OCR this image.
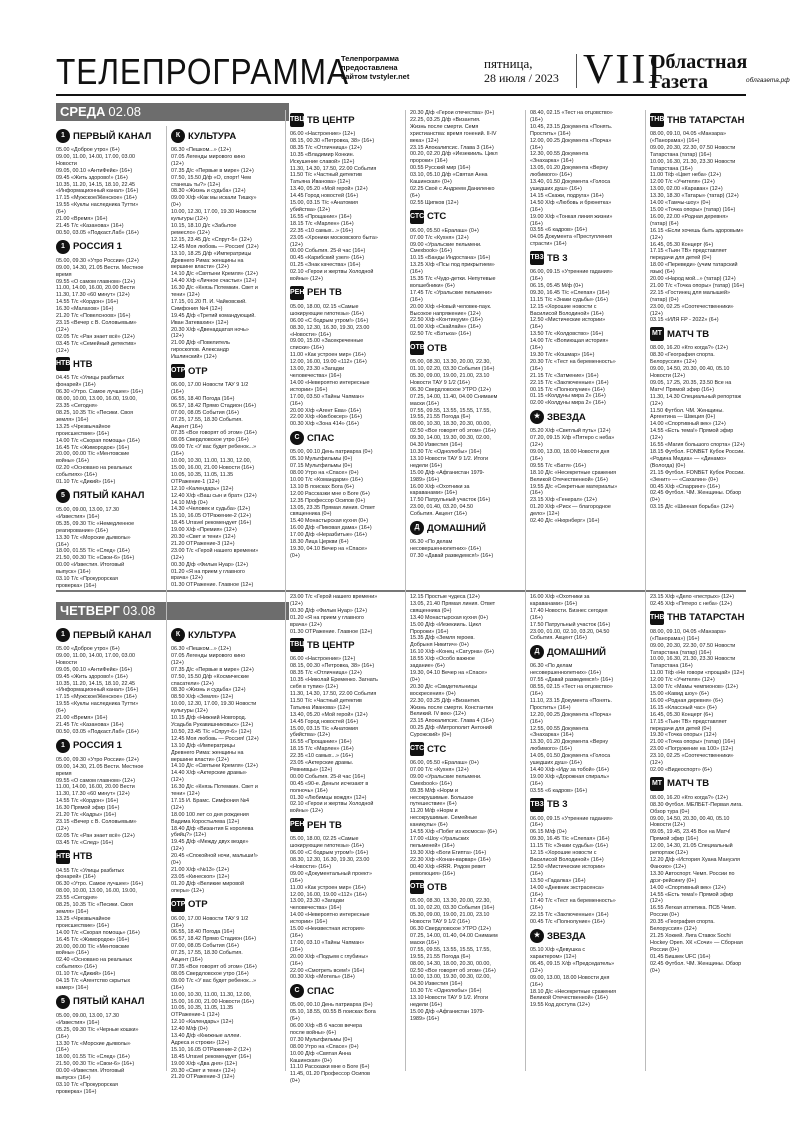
ТЕЛЕПРОГРАММА
Телепрограмма предоставлена сайтом tvstyler.net
пятница,
28 июля / 2023 VIII
Областная
Газета	облгазета.рф
СРЕДА 02.08
1 ПЕРВЫЙ КАНАЛ
05.00 «Доброе утро» (6+)
09.00, 11.00, 14.00, 17.00, 03.00 Новости
09.05, 00.10 «АнтиФейк» (16+)
09.45 «Жить здорово!» (16+)
10.35, 11.20, 14.15, 18.10, 22.45 «Информационный канал» (16+)
17.15 «Мужское/Женское» (16+)
19.55 «Куклы наследника Тутти» (6+)
21.00 «Время» (16+)
21.45 Т/с «Казанова» (16+)
00.50, 03.05 «Подкаст.Лаб» (16+)
1 РОССИЯ 1
05.00, 09.30 «Утро России» (12+)
09.00, 14.30, 21.05 Вести. Местное время
09.55 «О самом главном» (12+)
11.00, 14.00, 16.00, 20.00 Вести
11.30, 17.30 «60 минут» (12+)
14.55 Т/с «Кордон» (16+)
16.30 «Малахов» (16+)
21.20 Т/с «Повелсноов» (16+)
23.15 «Вечер с В. Соловьевым» (12+)
02.05 Т/с «Ран знает всё» (12+)
03.45 Т/с «Семейный детектив» (12+)
НТВ НТВ
04.45 Т/с «Улицы разбитых фонарей» (16+)
06.30 «Утро. Самое лучшее» (16+)
08.00, 10.00, 13.00, 16.00, 19.00, 23.35 «Сегодня»
08.25, 10.35 Т/с «Песики. Своя земля» (16+)
13.25 «Чрезвычайное происшествие» (16+)
14.00 Т/с «Скорая помощь» (16+)
16.45 Т/с «Жимородок» (16+)
20.00, 00.00 Т/с «Ментовские войны» (16+)
02.20 «Основано на реальных событиях» (16+)
01.10 Т/с «Дикий» (16+)
5 ПЯТЫЙ КАНАЛ
05.00, 09.00, 13.00, 17.30 «Известия» (16+)
05.35, 09.30 Т/с «Немедленное реагирование» (16+)
13.30 Т/с «Морские дьяволы» (16+)
18.00, 01.55 Т/с «След» (16+)
21.50, 00.30 Т/с «Свои-6» (16+)
00.00 «Известия. Итоговый выпуск» (16+)
03.10 Т/с «Прокурорская проверка» (16+)
К КУЛЬТУРА
06.30 «Пешком...» (12+)
07.05 Легенды мирового кино (12+)
07.35 Д/с «Первые в мире» (12+)
07.50, 15.50 Д/ф «О, спорт! Чем станешь ты?» (12+)
08.30 «Жизнь и судьба» (12+)
09.00 Х/ф «Как мы искали Тишку» (0+)
10.00, 12.30, 17.00, 19.30 Новости культуры (12+)
10.15, 18.10 Д/с «Забытое ремесло» (12+)
12.15, 23.45 Д/с «Спрут-5» (12+)
12.45 Моя любовь — Россия! (12+)
13.10, 18.25 Д/ф «Императрицы Древнего Рима: женщины на вершине власти» (12+)
14.10 Д/с «Святыни Кремля» (12+)
14.40 Х/ф «Личное счастье» (12+)
16.30 Д/с «Князь Потемкин. Свет и тени» (12+)
17.15, 01.20 П. И. Чайковский. Симфония №4 (12+)
19.45 Д/ф «Третий командующий. Иван Затевахин» (12+)
20.30 Х/ф «Двенадцатая ночь» (12+)
21.00 Д/ф «Повелитель гироскопов. Александр Ишлинский» (12+)
ОТР ОТР
06.00, 17.00 Новости ТАУ 9 1/2 (16+)
06.55, 18.40 Погода (16+)
06.57, 18.42 Прямо Стадион (16+)
07.00, 08.05 События (16+)
07.25, 17.55, 18.30 События. Акцент (16+)
07.35 «Все говорят об этом» (16+)
08.05 Свердловское утро (16+)
09.00 Т/с «У вас будет ребенок...» (16+)
10.00, 10.30, 11.00, 11.30, 12.00, 15.00, 16.00, 21.00 Новости (16+)
10.05, 10.35, 11.05, 11.35 ОТРажение-1 (12+)
12.10 «Календарь» (12+)
12.40 Х/ф «Ваш сын и брат» (12+)
14.10 М/ф (0+)
14.30 «Человек и судьба» (12+)
15.10, 16.05 ОТРажение-2 (12+)
18.45 Urravel рекомендует (16+)
19.00 Х/ф «Премия» (12+)
20.30 «Свет и тени» (12+)
21.20 ОТРажение-3 (12+)
23.00 Т/с «Герой нашего времени» (12+)
00.30 Д/ф «Фильм Нуар» (12+)
01.20 «Я на прием у главного врача» (12+)
01.30 ОТРажение. Главное (12+)
ТВЦ ТВ ЦЕНТР
06.00 «Настроение» (12+)
08.15, 00.30 «Петровка, 38» (16+)
08.35 Т/с «Отличница» (12+)
10.35 «Владимир Конкин. Искушение славой» (12+)
11.30, 14.30, 17.50, 22.00 События
11.50 Т/с «Частный детектив Татьяна Иванова» (12+)
13.40, 05.20 «Мой герой» (12+)
14.45 Город новостей (16+)
15.00, 03.15 Т/с «Анатомия убийства» (12+)
16.55 «Прощание» (16+)
18.15 Т/с «Марлен» (16+)
22.35 «10 самых...» (16+)
23.05 «Хроники московского быта» (12+)
00.00 События. 25-й час (16+)
00.45 «Карибский узел» (16+)
01.25 «Знак качества» (16+)
02.10 «Герои и жертвы Холодной войны» (12+)
РЕН РЕН ТВ
05.00, 18.00, 02.15 «Самые шокирующие гипотезы» (16+)
06.00 «С бодрым утром!» (16+)
08.30, 12.30, 16.30, 19.30, 23.00 «Новости» (16+)
09.00, 15.00 «Засекреченные списки» (16+)
11.00 «Как устроен мир» (16+)
12.00, 16.00, 19.00 «112» (16+)
13.00, 23.30 «Загадки человечества» (16+)
14.00 «Невероятно интересные истории» (16+)
17.00, 03.50 «Тайны Чапман» (16+)
20.00 Х/ф «Агент Ева» (16+)
22.00 Х/ф «Кикбоксер» (16+)
00.30 Х/ф «Зона 414» (16+)
С СПАС
05.00, 00.10 День патриарха (0+)
05.10 Мультфильмы (0+)
07.15 Мультфильмы (0+)
08.00 Утро на «Спасе» (0+)
10.00 Т/с «Командарм» (16+)
13.10 В поисках Бога (6+)
12.00 Рассказки мне о Боге (6+)
12.35 Профессор Осипов (0+)
13.05, 23.35 Прямая линия. Ответ священника (0+)
15.40 Монастырская кухня (0+)
16.00 Д/ф «Пиковая дама» (16+)
17.00 Д/ф «Неразбитые» (16+)
18.30 Лица Церкви (6+)
19.30, 04.10 Вечер на «Спасе» (0+)
20.30 Д/ф «Герои отечества» (0+)
22.25, 03.25 Д/ф «Византия. Жизнь после смерти. Семя христианства: время гонений. II-IV века» (12+)
23.15 Апокалипсис. Глава 3 (16+)
00.20, 02.20 Д/ф «Иезекииль. Цикл пророки» (16+)
00.55 Русский мир (16+)
03.10, 05.10 Д/ф «Святая Анна Кашинская» (0+)
02.25 Своё с Андреем Даниленко (6+)
02.55 Щипков (12+)
СТС СТС
06.00, 05.50 «Ералаш» (0+)
07.00 Т/с «Кухня» (12+)
09.00 «Уральские пельмени. Смехbook» (16+)
10.15 «Банды Индостана» (16+)
13.25 Х/ф «Псы под прикрытием» (16+)
15.35 Т/с «Чудо-детки. Непутевые волшебники» (6+)
17.45 Т/с «Уральские пельмени» (16+)
20.00 Х/ф «Новый человек-паук. Высокое напряжение» (12+)
22.50 Х/ф «Континуум» (16+)
01.00 Х/ф «Скайлайн» (16+)
02.50 Т/с «Бэтька» (16+)
ОТВ ОТВ
05.00, 08.30, 13.30, 20.00, 22.30, 01.10, 02.20, 03.30 События (16+)
05.30, 09.00, 19.00, 21.00, 23.10 Новости ТАУ 9 1/2 (16+)
06.30 Свердловское УТРО (12+)
07.25, 14.00, 11.40, 04.00 Снимаем маски (16+)
07.55, 09.55, 13.55, 15.55, 17.55, 19.55, 21.55 Погода (6+)
08.00, 10.30, 18.30, 20.30, 00.00, 02.50 «Все говорят об этом» (16+)
09.30, 14.00, 19.30, 00.30, 02.00, 04.30 Известия (16+)
10.30 Т/с «Однолюбы» (16+)
13.10 Новости ТАУ 9 1/2. Итоги недели (16+)
15.00 Д/ф «Афганистан 1979-1989» (16+)
16.00 Х/ф «Охотники за караванами» (16+)
17.50 Патрульный участок (16+)
23.00, 01.40, 03.20, 04.50 События. Акцент (16+)
Д ДОМАШНИЙ
06.30 «По делам несовершеннолетних» (16+)
07.30 «Давай разведемся!» (16+)
08.40, 02.15 «Тест на отцовство» (16+)
10.45, 23.15 Документа «Понять. Простить» (16+)
12.00, 00.25 Документа «Порча» (16+)
12.30, 00.55 Документа «Знахарка» (16+)
13.05, 01.20 Документа «Верну любимого» (16+)
13.40, 01.50 Документа «Голоса ушедших душ» (16+)
14.15 «Скажи, подруга» (16+)
14.50 Х/ф «Любовь и брюнетка» (16+)
19.00 Х/ф «Тонкая линия жизни» (16+)
03.55 «6 кадров» (16+)
04.05 Документа «Преступления страсти» (16+)
ТВ3 ТВ 3
06.00, 09.15 «Утренние гадания» (16+)
06.15, 05.45 М/ф (0+)
09.30, 16.45 Т/с «Слепая» (16+)
11.15 Т/с «Знаки судьбы» (16+)
12.15 «Хорошие новости с Василисой Володиной» (16+)
12.50 «Мистические истории» (16+)
13.50 Т/с «Колдовство» (16+)
14.00 Т/с «Вопиющая история» (16+)
19.30 Т/с «Кошмар» (16+)
20.30 Т/с «Тест на беременность» (16+)
21.15 Т/с «Затмение» (16+)
22.15 Т/с «Заключенные» (16+)
00.15 Т/с «Полнолуние» (16+)
01.15 «Колдуны мира 2» (16+)
02.00 «Колдуны мира 2» (16+)
★ ЗВЕЗДА
05.20 Х/ф «Светлый путь» (12+)
07.20, 09.15 Х/ф «Пятеро с неба» (12+)
09.00, 13.00, 18.00 Новости дня (16+)
09.55 Т/с «Батя» (16+)
18.10 Д/с «Несекретные сражения Великой Отечественной» (16+)
19.55 Д/с «Секретные материалы» (16+)
23.15 Х/ф «Генерал» (12+)
01.20 Х/ф «Риск — благородное дело» (12+)
02.40 Д/с «Нюрнберг» (16+)
ТНВ ТНВ ТАТАРСТАН
08.00, 09.10, 04.05 «Манзара» («Панорама») (16+)
09.00, 20.30, 22.30, 07.50 Новости Татарстана (татар) (16+)
10.00, 16.30, 21.30, 23.30 Новости Татарстана (16+)
11.00 Т/ф «Цвет неба» (12+)
12.00 Т/с «Учителя» (12+)
13.00, 02.00 «Караван» (12+)
13.30, 18.30 «Татары» (татар) (12+)
14.00 «Тамчы-шоу» (0+)
15.00 «Точка опоры» (татар) (16+)
16.00, 22.00 «Родная деревня» (татар) (6+)
16.15 «Если хочешь быть здоровым» (12+)
16.45, 05.30 Концерт (6+)
17.15 «Тьин ТВ» представляет передачи для детей (0+)
18.00 «Переведи» (учим татарский язык) (6+)
20.00 «Народ мой...» (татар) (12+)
21.00 Т/с «Точка опоры» (татар) (16+)
22.15 «Гостинец для малышей» (татар) (0+)
23.00, 02.25 «Соотечественники» (12+)
03.15 «ИЛЯ FP - 2022» (6+)
МТ МАТЧ ТВ
08.00, 16.20 «Кто когда?» (12+)
08.30 «География спорта. Белоруссия» (12+)
09.00, 14.50, 20.30, 00.40, 05.10 Новости (12+)
09.05, 17.25, 20.35, 23.50 Все на Матч! Прямой эфир (16+)
11.30, 14.30 Специальный репортаж (12+)
11.50 Футбол. ЧМ. Женщины. Аргентина — Швеция (0+)
14.00 «Спортивный век» (12+)
14.55 «Есть тема!» Прямой эфир (12+)
16.55 «Магия большого спорта» (12+)
18.15 Футбол. FONBET Кубок России. «Родина Медиа» — «Динамо» (Вологда) (0+)
21.15 Футбол. FONBET Кубок России. «Зенит» — «Сахалин» (0+)
00.45 Х/ф «Спарринг» (16+)
02.45 Футбол. ЧМ. Женщины. Обзор (0+)
03.15 Д/с «Шинная борьба» (12+)
ЧЕТВЕРГ 03.08
1 ПЕРВЫЙ КАНАЛ
05.00 «Доброе утро» (6+)
09.00, 11.00, 14.00, 17.00, 03.00 Новости
09.05, 00.10 «АнтиФейк» (16+)
09.45 «Жить здорово!» (16+)
10.35, 11.20, 14.15, 18.10, 22.45 «Информационный канал» (16+)
17.15 «Мужское/Женское» (16+)
19.55 «Куклы наследника Тутти» (6+)
21.00 «Время» (16+)
21.45 Т/с «Казанова» (16+)
00.50, 03.05 «Подкаст.Лаб» (16+)
1 РОССИЯ 1
05.00, 09.30 «Утро России» (12+)
09.00, 14.30, 21.05 Вести. Местное время
09.55 «О самом главном» (12+)
11.00, 14.00, 16.00, 20.00 Вести
11.30, 17.30 «60 минут» (12+)
14.55 Т/с «Кордон» (16+)
16.30 Прямой эфир (16+)
21.20 Т/с «Кадры» (16+)
23.15 «Вечер с В. Соловьевым» (12+)
02.05 Т/с «Ран знает всё» (12+)
03.45 Т/с «След» (16+)
НТВ НТВ
04.55 Т/с «Улицы разбитых фонарей» (16+)
06.30 «Утро. Самое лучшее» (16+)
08.00, 10.00, 13.00, 16.00, 19.00, 23.55 «Сегодня»
08.25, 10.35 Т/с «Песики. Своя земля» (16+)
13.25 «Чрезвычайное происшествие» (16+)
14.00 Т/с «Скорая помощь» (16+)
16.45 Т/с «Жимородок» (16+)
20.00, 00.00 Т/с «Ментовские войны» (16+)
02.40 «Основано на реальных событиях» (16+)
01.10 Т/с «Дикий» (16+)
04.15 Т/с «Агентство скрытых камер» (16+)
5 ПЯТЫЙ КАНАЛ
05.00, 09.00, 13.00, 17.30 «Известия» (16+)
05.25, 09.30 Т/с «Черные кошки» (16+)
13.30 Т/с «Морские дьяволы» (16+)
18.00, 01.55 Т/с «След» (16+)
21.50, 00.30 Т/с «Свои-6» (16+)
00.00 «Известия. Итоговый выпуск» (16+)
03.10 Т/с «Прокурорская проверка» (16+)
К КУЛЬТУРА
06.30 «Пешком...» (12+)
07.05 Легенды мирового кино (12+)
07.35 Д/с «Первые в мире» (12+)
07.50, 15.50 Д/ф «Космические спасатели» (12+)
08.30 «Жизнь и судьба» (12+)
08.50 Х/ф «Земля» (12+)
10.00, 12.30, 17.00, 19.30 Новости культуры (12+)
10.15 Д/ф «Нижний Новгород. Усадьба Рукавишниковых» (12+)
10.50, 23.45 Т/с «Спрут-6» (12+)
12.45 Моя любовь — Россия! (12+)
13.10 Д/ф «Императрицы Древнего Рима: женщины на вершине власти» (12+)
14.10 Д/с «Святыни Кремля» (12+)
14.40 Х/ф «Актерские драмы» (12+)
16.30 Д/с «Князь Потемкин. Свет и тени» (12+)
17.15 И. Брамс. Симфония №4 (12+)
18.00 100 лет со дня рождения Вадима Коростылева (12+)
18.40 Д/ф «Византия Е королева убийц?» (12+)
19.45 Д/ф «Между двух везде» (12+)
20.45 «Спокойной ночи, малыши!» (0+)
21.00 Х/ф «№13» (12+)
23.05 «Кинескоп» (12+)
01.20 Д/ф «Великие мировой оперы» (12+)
ОТР ОТР
06.00, 17.00 Новости ТАУ 9 1/2 (16+)
06.55, 18.40 Погода (16+)
06.57, 18.42 Прямо Стадион (16+)
07.00, 08.05 События (16+)
07.25, 17.55, 18.30 События. Акцент (16+)
07.35 «Все говорят об этом» (16+)
08.05 Свердловское утро (16+)
09.00 Т/с «У вас будет ребенок...» (16+)
10.00, 10.30, 11.00, 11.30, 12.00, 15.00, 16.00, 21.00 Новости (16+)
10.05, 10.35, 11.05, 11.35 ОТРажение-1 (12+)
12.10 «Календарь» (12+)
12.40 М/ф (0+)
13.40 Д/ф «Книжные аллеи. Адреса и строки» (12+)
15.10, 16.05 ОТРажение-2 (12+)
18.45 Urravel рекомендует (16+)
19.00 Х/ф «Два дня» (12+)
20.30 «Свет и тени» (12+)
21.20 ОТРажение-3 (12+)
23.00 Т/с «Герой нашего времени» (12+)
00.30 Д/ф «Фильм Нуар» (12+)
01.20 «Я на прием у главного врача» (12+)
01.30 ОТРажение. Главное (12+)
ТВЦ ТВ ЦЕНТР
06.00 «Настроение» (12+)
08.15, 00.30 «Петровка, 38» (16+)
08.35 Т/с «Отличница» (12+)
10.35 «Николай Еременко. Загнать себя в тупик» (12+)
11.30, 14.30, 17.50, 22.00 События
11.50 Т/с «Частный детектив Татьяна Иванова» (12+)
13.40, 05.20 «Мой герой» (12+)
14.45 Город новостей (16+)
15.00, 03.15 Т/с «Анатомия убийства» (12+)
16.55 «Прощание» (16+)
18.15 Т/с «Марлен» (16+)
22.35 «10 самых...» (16+)
23.05 «Актерские драмы. Ревнивцы» (12+)
00.00 События. 25-й час (16+)
00.45 «90-е. Деньги исчезают в полночь» (16+)
01.30 «Любимцы вождя» (12+)
02.10 «Герои и жертвы Холодной войны» (12+)
РЕН РЕН ТВ
05.00, 18.00, 02.25 «Самые шокирующие гипотезы» (16+)
06.00 «С бодрым утром!» (16+)
08.30, 12.30, 16.30, 19.30, 23.00 «Новости» (16+)
09.00 «Документальный проект» (16+)
11.00 «Как устроен мир» (16+)
12.00, 16.00, 19.00 «112» (16+)
13.00, 23.30 «Загадки человечества» (16+)
14.00 «Невероятно интересные истории» (16+)
15.00 «Неизвестная история» (16+)
17.00, 03.10 «Тайны Чапман» (16+)
20.00 Х/ф «Подъем с глубины» (16+)
22.00 «Смотреть всем!» (16+)
00.30 Х/ф «Мотель» (18+)
С СПАС
05.00, 00.10 День патриарха (0+)
05.10, 18.55, 00.55 В поисках Бога (6+)
06.00 Х/ф «В 6 часов вечера после войны» (6+)
07.30 Мультфильмы (0+)
08.00 Утро на «Спасе» (0+)
10.00 Д/ф «Святая Анна Кашинская» (0+)
11.10 Рассказки мне о Боге (6+)
11.45, 01.20 Профессор Осипов (0+)
12.15 Простые чудеса (12+)
13.05, 21.40 Прямая линия. Ответ священника (0+)
13.40 Монастырская кухня (0+)
15.00 Д/ф «Иезекииль. Цикл Пророки» (16+)
15.35 Д/ф «Земля героев. Добрыня Никитич» (0+)
16.10 Х/ф «Конец «Сатурна» (6+)
18.55 Х/ф «Особо важное задание» (6+)
19.30, 04.10 Вечер на «Спасе» (0+)
20.30 Д/с «Свидетельницы воскресения» (0+)
22.30, 03.25 Д/ф «Византия. Жизнь после смерти. Константин Великий. IV век» (12+)
23.15 Апокалипсис. Глава 4 (16+)
00.25 Д/ф «Митрополит Антоний Сурожский» (0+)
СТС СТС
06.00, 05.50 «Ералаш» (0+)
07.00 Т/с «Кухня» (12+)
09.00 «Уральские пельмени. Смехbook» (16+)
09.35 М/ф «Норм и несокрушимые. Большое путешествие» (6+)
11.20 М/ф «Норм и несокрушимые. Семейные каникулы» (6+)
14.55 Х/ф «Побег из космоса» (6+)
17.00 «Шоу «Уральских пельменей» (16+)
19.30 Х/ф «Боги Египта» (16+)
22.30 Х/ф «Конан-варвар» (16+)
00.40 Х/ф «RRR. Рядом ревет революция» (16+)
ОТВ ОТВ
05.00, 08.30, 13.30, 20.00, 22.30, 01.10, 02.20, 03.30 События (16+)
05.30, 09.00, 19.00, 21.00, 23.10 Новости ТАУ 9 1/2 (16+)
06.30 Свердловское УТРО (12+)
07.25, 14.00, 01.40, 04.00 Снимаем маски (16+)
07.55, 09.55, 13.55, 15.55, 17.55, 19.55, 21.55 Погода (6+)
08.00, 14.30, 18.00, 20.30, 00.00, 02.50 «Все говорят об этом» (16+)
10.00, 13.00, 19.30, 00.30, 02.00, 04.30 Известия (16+)
10.30 Т/с «Однолюбы» (16+)
13.10 Новости ТАУ 9 1/2. Итоги недели (16+)
15.00 Д/ф «Афганистан 1979-1989» (16+)
16.00 Х/ф «Охотники за караванами» (16+)
17.40 Новости. Бизнес сегодня (16+)
17.50 Патрульный участок (16+)
23.00, 01.00, 02.10, 03.20, 04.50 События. Акцент (16+)
Д ДОМАШНИЙ
06.30 «По делам несовершеннолетних» (16+)
07.55 «Давай разведемся!» (16+)
08.55, 02.15 «Тест на отцовство» (16+)
11.10, 23.15 Документа «Понять. Простить» (16+)
12.20, 00.25 Документа «Порча» (16+)
12.55, 00.55 Документа «Знахарка» (16+)
13.30, 01.20 Документа «Верну любимого» (16+)
14.05, 01.50 Документа «Голоса ушедших душ» (16+)
14.40 Х/ф «Иду за тобой» (16+)
19.00 Х/ф «Дорожная спираль» (16+)
03.55 «6 кадров» (16+)
ТВ3 ТВ 3
06.00, 09.15 «Утренние гадания» (16+)
06.15 М/ф (0+)
09.30, 16.45 Т/с «Слепая» (16+)
11.15 Т/с «Знаки судьбы» (16+)
12.15 «Хорошие новости с Василисой Володиной» (16+)
12.50 «Мистические истории» (16+)
13.50 «Гадалка» (16+)
14.00 «Дневник экстрасенса» (16+)
17.40 Т/с «Тест на беременность» (16+)
22.15 Т/с «Заключенные» (16+)
00.45 Т/с «Полнолуние» (16+)
★ ЗВЕЗДА
05.10 Х/ф «Девушка с характером» (12+)
06.45, 09.15 Х/ф «Председатель» (12+)
09.00, 13.00, 18.00 Новости дня (16+)
18.10 Д/с «Несекретные сражения Великой Отечественной» (16+)
19.55 Код доступа (12+)
23.15 Х/ф «Дело «пестрых» (12+)
02.45 Х/ф «Пятеро с неба» (12+)
ТНВ ТНВ ТАТАРСТАН
08.00, 09.10, 04.05 «Манзара» («Панорама») (16+)
09.00, 20.30, 22.30, 07.50 Новости Татарстана (татар) (16+)
10.00, 16.30, 21.30, 23.30 Новости Татарстана (16+)
11.00 Т/ф «Не говори «прощай» (12+)
12.00 Т/с «Учителя» (12+)
13.00 Т/с «Мамы чемпионов» (12+)
15.00 «Кавид шоу» (6+)
16.00 «Родная деревня» (6+)
16.15 «Классный час» (6+)
16.45, 05.30 Концерт (6+)
17.15 «Тьин ТВ» представляет передачи для детей (0+)
19.30 «Точка опоры» (12+)
21.00 «Точка опоры» (татар) (16+)
23.00 «Погружение на 100» (12+)
23.10, 02.25 «Соотечественники» (12+)
02.00 «Видеоспорт» (6+)
МТ МАТЧ ТВ
08.00, 16.20 «Кто когда?» (12+)
08.30 Футбол. МЕЛБЕТ-Первая лига. Обзор тура (0+)
09.00, 14.50, 20.30, 00.40, 05.10 Новости (12+)
09.05, 19.45, 23.45 Все на Матч! Прямой эфир (16+)
12.00, 14.30, 21.05 Специальный репортаж (12+)
12.20 Д/ф «История Хуана Мануэля Фанхио» (12+)
13.30 Автоспорт. Чемп. России по дрэг-рейсингу (0+)
14.00 «Спортивный век» (12+)
14.55 «Есть тема!» Прямой эфир (12+)
16.55 Легкая атлетика. ПСБ Чемп. России (0+)
20.35 «География спорта. Белоруссия» (12+)
21.25 Хоккей. Лига Ставок Sochi Hockey Open. ХК «Сочи» — Сборная России (0+)
01.45 Бишкек UFC (16+)
02.45 Футбол. ЧМ. Женщины. Обзор (0+)
